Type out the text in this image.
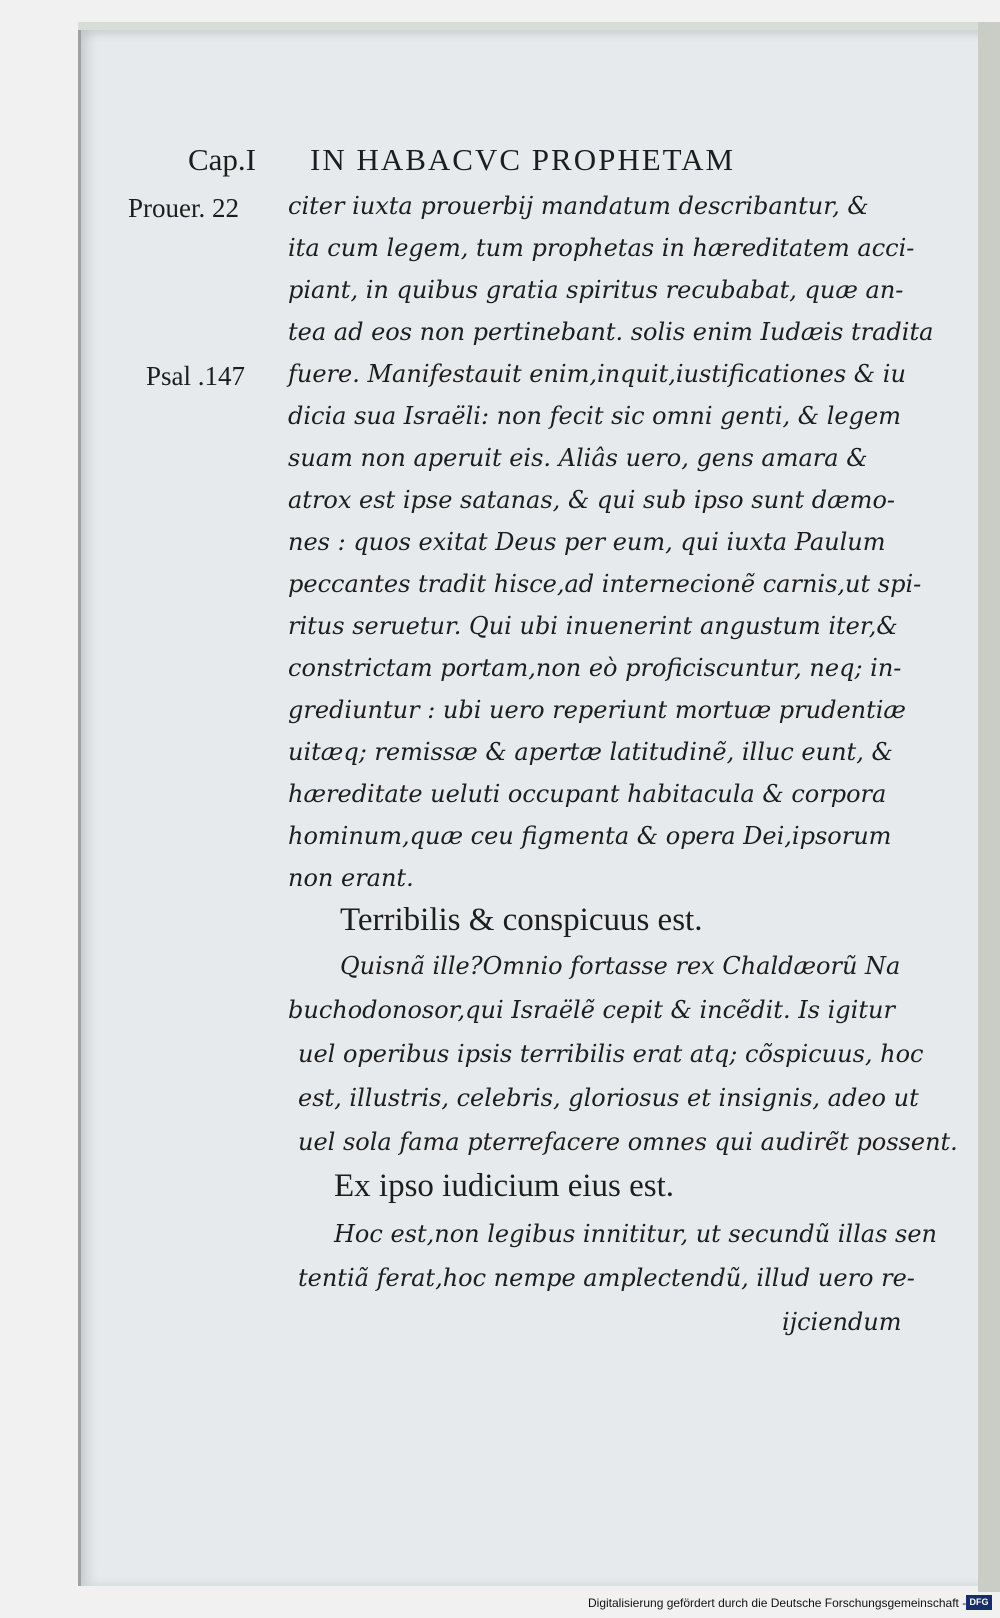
Cap.I IN HABACVC PROPHETAM
Prouer. 22
Psal .147
citer iuxta prouerbij mandatum describantur, &
ita cum legem, tum prophetas in hæreditatem acci-
piant, in quibus gratia spiritus recubabat, quæ an-
tea ad eos non pertinebant. solis enim Iudæis tradita
fuere. Manifestauit enim,inquit,iustificationes & iu
dicia sua Israëli: non fecit sic omni genti, & legem
suam non aperuit eis. Aliâs uero, gens amara &
atrox est ipse satanas, & qui sub ipso sunt dæmo-
nes : quos exitat Deus per eum, qui iuxta Paulum
peccantes tradit hisce,ad internecionẽ carnis,ut spi-
ritus seruetur. Qui ubi inuenerint angustum iter,&
constrictam portam,non eò proficiscuntur, neq; in-
grediuntur : ubi uero reperiunt mortuæ prudentiæ
uitæq; remissæ & apertæ latitudinẽ, illuc eunt, &
hæreditate ueluti occupant habitacula & corpora
hominum,quæ ceu figmenta & opera Dei,ipsorum
non erant.
Terribilis & conspicuus est.
Quisnã ille?Omnio fortasse rex Chaldæorũ Na
buchodonosor,qui Israëlẽ cepit & incẽdit. Is igitur
uel operibus ipsis terribilis erat atq; cõspicuus, hoc
est, illustris, celebris, gloriosus et insignis, adeo ut
uel sola fama pterrefacere omnes qui audirẽt possent.
Ex ipso iudicium eius est.
Hoc est,non legibus innititur, ut secundũ illas sen
tentiã ferat,hoc nempe amplectendũ, illud uero re-
ijciendum
Digitalisierung gefördert durch die Deutsche Forschungsgemeinschaft - DFG
